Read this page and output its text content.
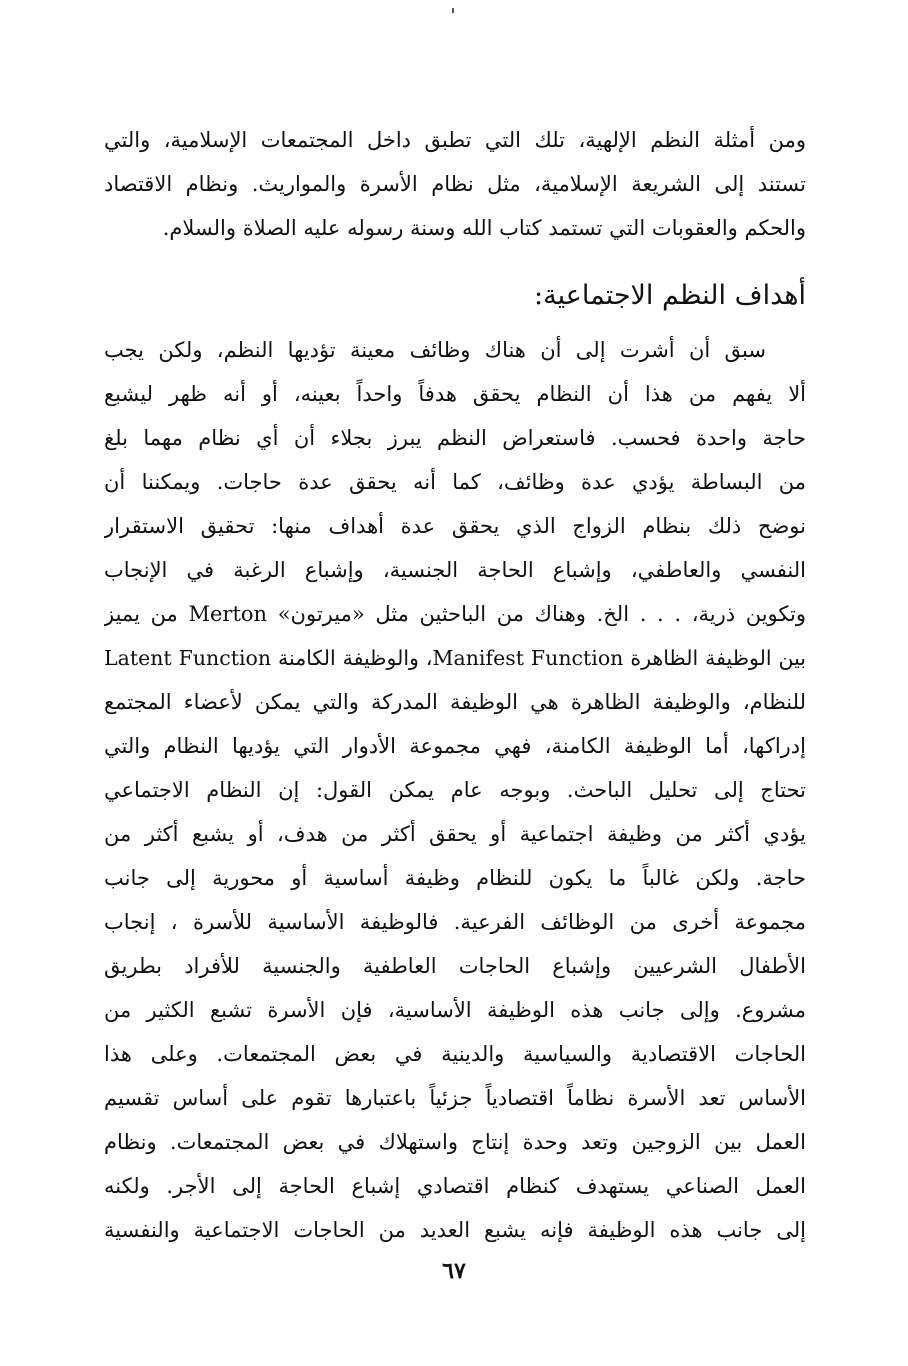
ومن أمثلة النظم الإلهية، تلك التي تطبق داخل المجتمعات الإسلامية، والتي
تستند إلى الشريعة الإسلامية، مثل نظام الأسرة والمواريث. ونظام الاقتصاد
والحكم والعقوبات التي تستمد كتاب الله وسنة رسوله عليه الصلاة والسلام.
أهداف النظم الاجتماعية:
سبق أن أشرت إلى أن هناك وظائف معينة تؤديها النظم، ولكن يجب
ألا يفهم من هذا أن النظام يحقق هدفاً واحداً بعينه، أو أنه ظهر ليشبع
حاجة واحدة فحسب. فاستعراض النظم يبرز بجلاء أن أي نظام مهما بلغ
من البساطة يؤدي عدة وظائف، كما أنه يحقق عدة حاجات. ويمكننا أن
نوضح ذلك بنظام الزواج الذي يحقق عدة أهداف منها: تحقيق الاستقرار
النفسي والعاطفي، وإشباع الحاجة الجنسية، وإشباع الرغبة في الإنجاب
وتكوين ذرية، . . . الخ. وهناك من الباحثين مثل «ميرتون» Merton من يميز
بين الوظيفة الظاهرة Manifest Function، والوظيفة الكامنة Latent Function
للنظام، والوظيفة الظاهرة هي الوظيفة المدركة والتي يمكن لأعضاء المجتمع
إدراكها، أما الوظيفة الكامنة، فهي مجموعة الأدوار التي يؤديها النظام والتي
تحتاج إلى تحليل الباحث. وبوجه عام يمكن القول: إن النظام الاجتماعي
يؤدي أكثر من وظيفة اجتماعية أو يحقق أكثر من هدف، أو يشبع أكثر من
حاجة. ولكن غالباً ما يكون للنظام وظيفة أساسية أو محورية إلى جانب
مجموعة أخرى من الوظائف الفرعية. فالوظيفة الأساسية للأسرة ، إنجاب
الأطفال الشرعيين وإشباع الحاجات العاطفية والجنسية للأفراد بطريق
مشروع. وإلى جانب هذه الوظيفة الأساسية، فإن الأسرة تشبع الكثير من
الحاجات الاقتصادية والسياسية والدينية في بعض المجتمعات. وعلى هذا
الأساس تعد الأسرة نظاماً اقتصادياً جزئياً باعتبارها تقوم على أساس تقسيم
العمل بين الزوجين وتعد وحدة إنتاج واستهلاك في بعض المجتمعات. ونظام
العمل الصناعي يستهدف كنظام اقتصادي إشباع الحاجة إلى الأجر. ولكنه
إلى جانب هذه الوظيفة فإنه يشبع العديد من الحاجات الاجتماعية والنفسية
٦٧
